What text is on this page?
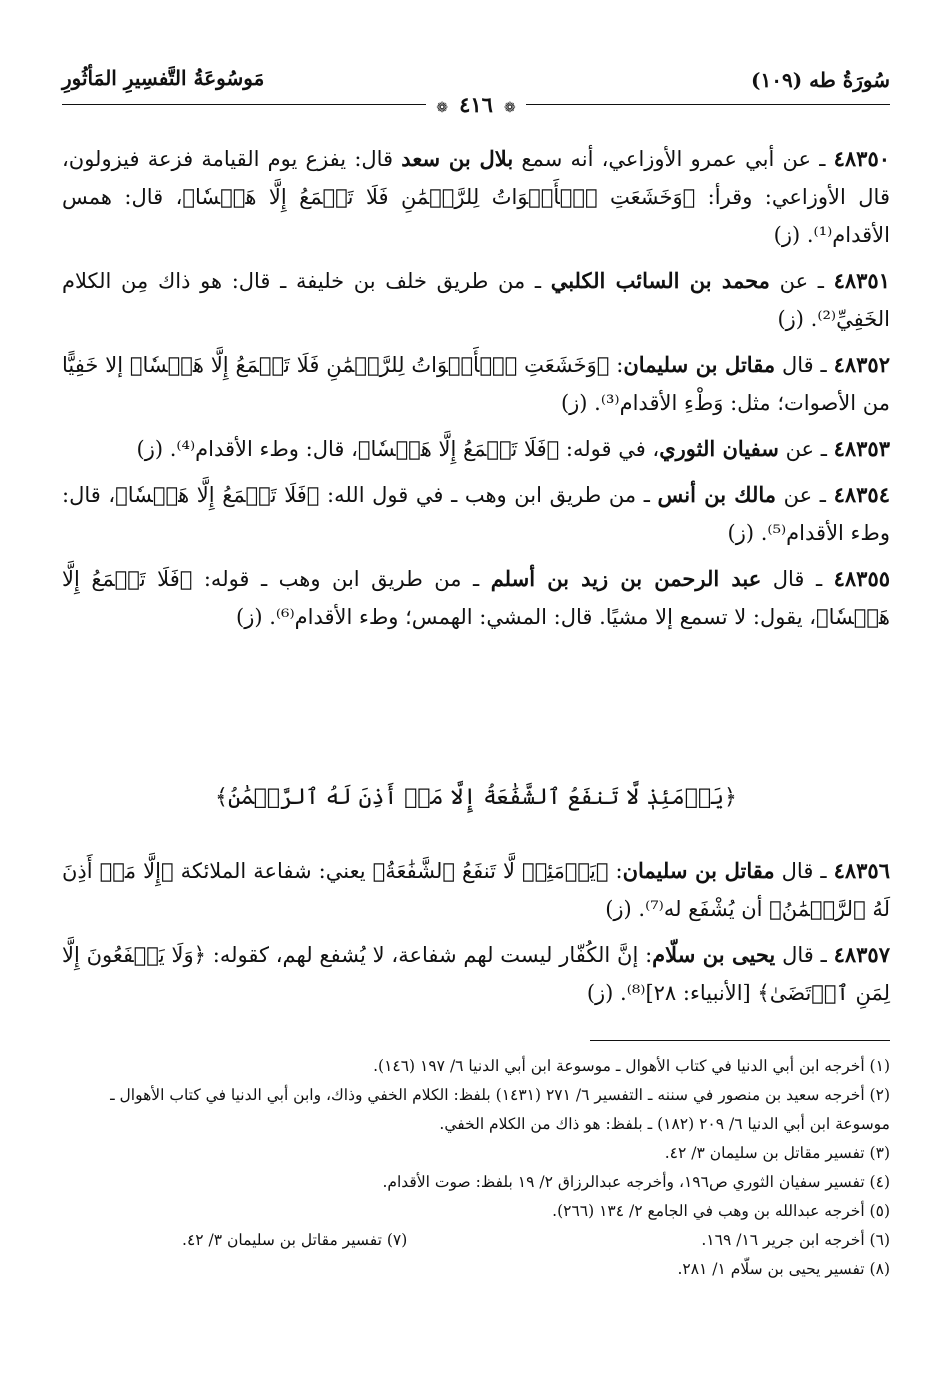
سُورَةُ طه (١٠٩)
مَوسُوعَةُ التَّفسِيرِ المَأثُورِ
❁ ٤١٦ ❁
٤٨٣٥٠ ـ عن أبي عمرو الأوزاعي، أنه سمع بلال بن سعد قال: يفزع يوم القيامة فزعة فيزولون، قال الأوزاعي: وقرأ: ﴿وَخَشَعَتِ ٱلۡأَصۡوَاتُ لِلرَّحۡمَٰنِ فَلَا تَسۡمَعُ إِلَّا هَمۡسٗا﴾، قال: همس الأقدام⁽¹⁾. (ز)
٤٨٣٥١ ـ عن محمد بن السائب الكلبي ـ من طريق خلف بن خليفة ـ قال: هو ذاك مِن الكلام الخَفِيِّ⁽²⁾. (ز)
٤٨٣٥٢ ـ قال مقاتل بن سليمان: ﴿وَخَشَعَتِ ٱلۡأَصۡوَاتُ لِلرَّحۡمَٰنِ فَلَا تَسۡمَعُ إِلَّا هَمۡسٗا﴾ إلا خَفِيًّا من الأصوات؛ مثل: وَطْءِ الأقدام⁽³⁾. (ز)
٤٨٣٥٣ ـ عن سفيان الثوري، في قوله: ﴿فَلَا تَسۡمَعُ إِلَّا هَمۡسٗا﴾، قال: وطء الأقدام⁽⁴⁾. (ز)
٤٨٣٥٤ ـ عن مالك بن أنس ـ من طريق ابن وهب ـ في قول الله: ﴿فَلَا تَسۡمَعُ إِلَّا هَمۡسٗا﴾، قال: وطء الأقدام⁽⁵⁾. (ز)
٤٨٣٥٥ ـ قال عبد الرحمن بن زيد بن أسلم ـ من طريق ابن وهب ـ قوله: ﴿فَلَا تَسۡمَعُ إِلَّا هَمۡسٗا﴾، يقول: لا تسمع إلا مشيًا. قال: المشي: الهمس؛ وطء الأقدام⁽⁶⁾. (ز)
﴿يَوۡمَئِذٖ لَّا تَنفَعُ ٱلشَّفَٰعَةُ إِلَّا مَنۡ أَذِنَ لَهُ ٱلرَّحۡمَٰنُ﴾
٤٨٣٥٦ ـ قال مقاتل بن سليمان: ﴿يَوۡمَئِذٖ لَّا تَنفَعُ ٱلشَّفَٰعَةُ﴾ يعني: شفاعة الملائكة ﴿إِلَّا مَنۡ أَذِنَ لَهُ ٱلرَّحۡمَٰنُ﴾ أن يُشْفَع له⁽⁷⁾. (ز)
٤٨٣٥٧ ـ قال يحيى بن سلّام: إنَّ الكُفّار ليست لهم شفاعة، لا يُشفع لهم، كقوله: ﴿وَلَا يَشۡفَعُونَ إِلَّا لِمَنِ ٱرۡتَضَىٰ﴾ [الأنبياء: ٢٨]⁽⁸⁾. (ز)
(١) أخرجه ابن أبي الدنيا في كتاب الأهوال ـ موسوعة ابن أبي الدنيا ٦/ ١٩٧ (١٤٦).
(٢) أخرجه سعيد بن منصور في سننه ـ التفسير ٦/ ٢٧١ (١٤٣١) بلفظ: الكلام الخفي وذاك، وابن أبي الدنيا في كتاب الأهوال ـ موسوعة ابن أبي الدنيا ٦/ ٢٠٩ (١٨٢) ـ بلفظ: هو ذاك من الكلام الخفي.
(٣) تفسير مقاتل بن سليمان ٣/ ٤٢.
(٤) تفسير سفيان الثوري ص١٩٦، وأخرجه عبدالرزاق ٢/ ١٩ بلفظ: صوت الأقدام.
(٥) أخرجه عبدالله بن وهب في الجامع ٢/ ١٣٤ (٢٦٦).
(٦) أخرجه ابن جرير ١٦/ ١٦٩.
(٧) تفسير مقاتل بن سليمان ٣/ ٤٢.
(٨) تفسير يحيى بن سلّام ١/ ٢٨١.
